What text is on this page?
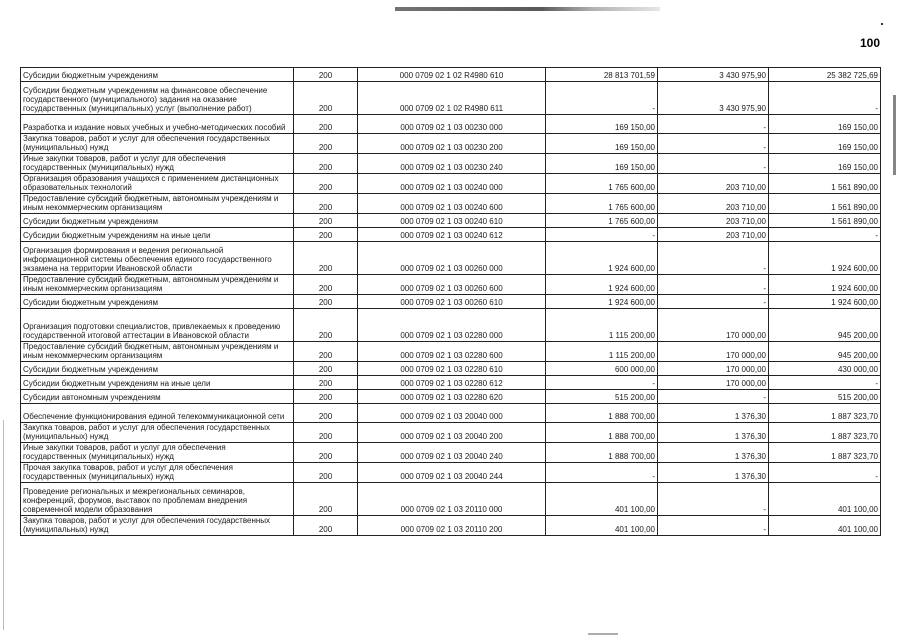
100
Субсидии бюджетным учреждениям	200	000 0709 02 1 02 R4980 610	28 813 701,59	3 430 975,90	25 382 725,69
Субсидии бюджетным учреждениям на финансовое обеспечение государственного (муниципального) задания на оказание государственных (муниципальных) услуг (выполнение работ)	200	000 0709 02 1 02 R4980 611	-	3 430 975,90	-
Разработка и издание новых учебных и учебно-методических пособий	200	000 0709 02 1 03 00230 000	169 150,00	-	169 150,00
Закупка товаров, работ и услуг для обеспечения государственных (муниципальных) нужд	200	000 0709 02 1 03 00230 200	169 150,00	-	169 150,00
Иные закупки товаров, работ и услуг для обеспечения государственных (муниципальных) нужд	200	000 0709 02 1 03 00230 240	169 150,00	-	169 150,00
Организация образования учащихся с применением дистанционных образовательных технологий	200	000 0709 02 1 03 00240 000	1 765 600,00	203 710,00	1 561 890,00
Предоставление субсидий бюджетным, автономным учреждениям и иным некоммерческим организациям	200	000 0709 02 1 03 00240 600	1 765 600,00	203 710,00	1 561 890,00
Субсидии бюджетным учреждениям	200	000 0709 02 1 03 00240 610	1 765 600,00	203 710,00	1 561 890,00
Субсидии бюджетным учреждениям на иные цели	200	000 0709 02 1 03 00240 612	-	203 710,00	-
Организация формирования и ведения региональной информационной системы обеспечения единого государственного экзамена на территории Ивановской области	200	000 0709 02 1 03 00260 000	1 924 600,00	-	1 924 600,00
Предоставление субсидий бюджетным, автономным учреждениям и иным некоммерческим организациям	200	000 0709 02 1 03 00260 600	1 924 600,00	-	1 924 600,00
Субсидии бюджетным учреждениям	200	000 0709 02 1 03 00260 610	1 924 600,00	-	1 924 600,00
Организация подготовки специалистов, привлекаемых к проведению государственной итоговой аттестации в Ивановской области	200	000 0709 02 1 03 02280 000	1 115 200,00	170 000,00	945 200,00
Предоставление субсидий бюджетным, автономным учреждениям и иным некоммерческим организациям	200	000 0709 02 1 03 02280 600	1 115 200,00	170 000,00	945 200,00
Субсидии бюджетным учреждениям	200	000 0709 02 1 03 02280 610	600 000,00	170 000,00	430 000,00
Субсидии бюджетным учреждениям на иные цели	200	000 0709 02 1 03 02280 612	-	170 000,00	-
Субсидии автономным учреждениям	200	000 0709 02 1 03 02280 620	515 200,00	-	515 200,00
Обеспечение функционирования единой телекоммуникационной сети	200	000 0709 02 1 03 20040 000	1 888 700,00	1 376,30	1 887 323,70
Закупка товаров, работ и услуг для обеспечения государственных (муниципальных) нужд	200	000 0709 02 1 03 20040 200	1 888 700,00	1 376,30	1 887 323,70
Иные закупки товаров, работ и услуг для обеспечения государственных (муниципальных) нужд	200	000 0709 02 1 03 20040 240	1 888 700,00	1 376,30	1 887 323,70
Прочая закупка товаров, работ и услуг для обеспечения государственных (муниципальных) нужд	200	000 0709 02 1 03 20040 244	-	1 376,30	-
Проведение региональных и межрегиональных семинаров, конференций, форумов, выставок по проблемам внедрения современной модели образования	200	000 0709 02 1 03 20110 000	401 100,00	-	401 100,00
Закупка товаров, работ и услуг для обеспечения государственных (муниципальных) нужд	200	000 0709 02 1 03 20110 200	401 100,00	-	401 100,00
